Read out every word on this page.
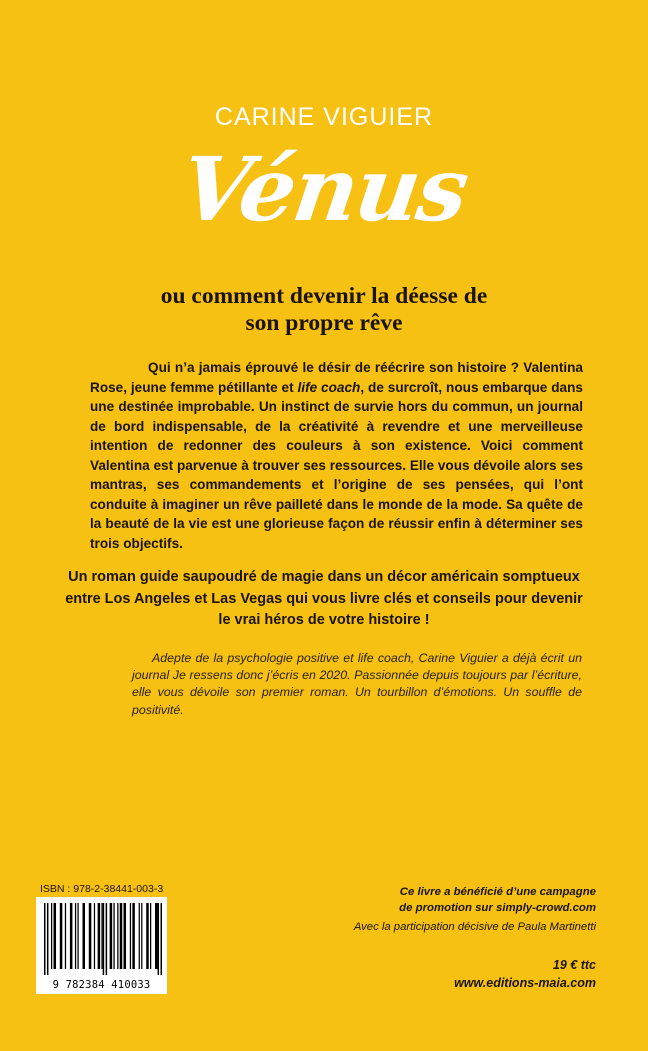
CARINE VIGUIER
Vénus
ou comment devenir la déesse de
son propre rêve

Qui n’a jamais éprouvé le désir de réécrire son histoire ? Valentina Rose, jeune femme pétillante et life coach, de surcroît, nous embarque dans une destinée improbable. Un instinct de survie hors du commun, un journal de bord indispensable, de la créativité à revendre et une merveilleuse intention de redonner des couleurs à son existence. Voici comment Valentina est parvenue à trouver ses ressources. Elle vous dévoile alors ses mantras, ses commandements et l’origine de ses pensées, qui l’ont conduite à imaginer un rêve pailleté dans le monde de la mode. Sa quête de la beauté de la vie est une glorieuse façon de réussir enfin à déterminer ses trois objectifs.

Un roman guide saupoudré de magie dans un décor américain somptueux entre Los Angeles et Las Vegas qui vous livre clés et conseils pour devenir le vrai héros de votre histoire !

Adepte de la psychologie positive et life coach, Carine Viguier a déjà écrit un journal Je ressens donc j’écris en 2020. Passionnée depuis toujours par l’écriture, elle vous dévoile son premier roman. Un tourbillon d’émotions. Un souffle de positivité.

ISBN : 978-2-38441-003-3
9 782384 410033
Ce livre a bénéficié d’une campagne
de promotion sur simply-crowd.com
Avec la participation décisive de Paula Martinetti
19 € ttc
www.editions-maia.com
